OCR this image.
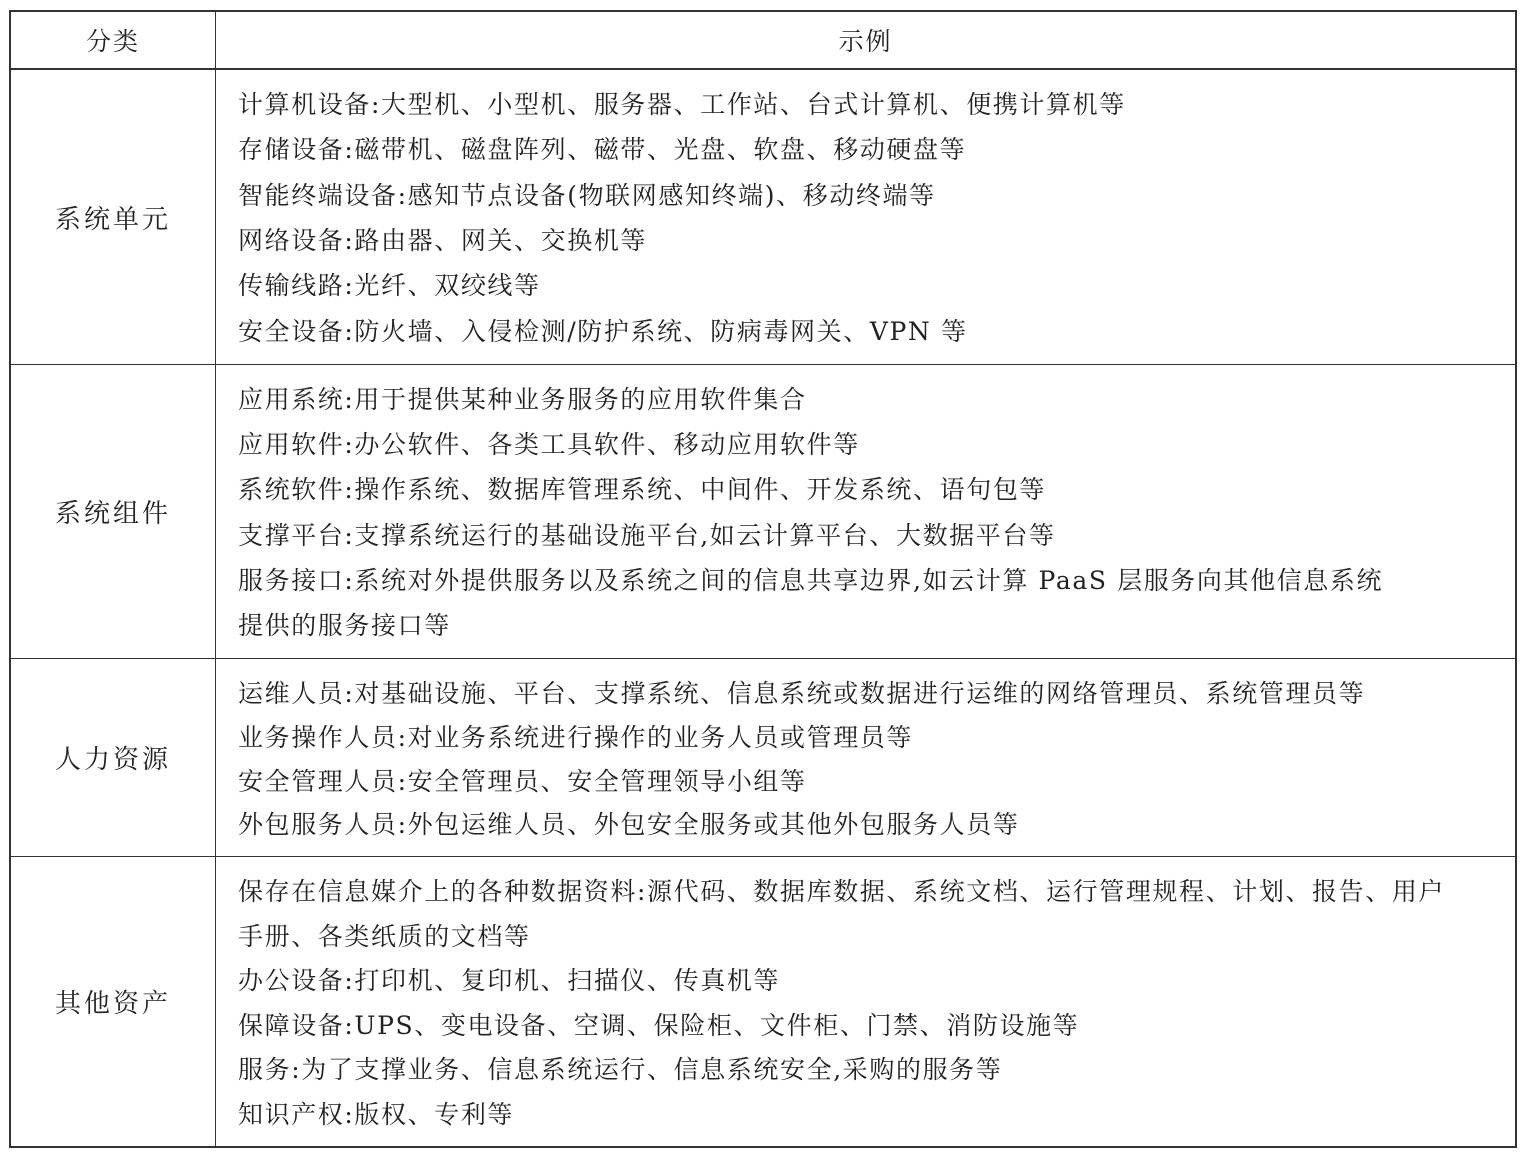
分类	示例
系统单元
计算机设备:大型机、小型机、服务器、工作站、台式计算机、便携计算机等
存储设备:磁带机、磁盘阵列、磁带、光盘、软盘、移动硬盘等
智能终端设备:感知节点设备(物联网感知终端)、移动终端等
网络设备:路由器、网关、交换机等
传输线路:光纤、双绞线等
安全设备:防火墙、入侵检测/防护系统、防病毒网关、VPN 等
系统组件
应用系统:用于提供某种业务服务的应用软件集合
应用软件:办公软件、各类工具软件、移动应用软件等
系统软件:操作系统、数据库管理系统、中间件、开发系统、语句包等
支撑平台:支撑系统运行的基础设施平台,如云计算平台、大数据平台等
服务接口:系统对外提供服务以及系统之间的信息共享边界,如云计算 PaaS 层服务向其他信息系统
提供的服务接口等
人力资源
运维人员:对基础设施、平台、支撑系统、信息系统或数据进行运维的网络管理员、系统管理员等
业务操作人员:对业务系统进行操作的业务人员或管理员等
安全管理人员:安全管理员、安全管理领导小组等
外包服务人员:外包运维人员、外包安全服务或其他外包服务人员等
其他资产
保存在信息媒介上的各种数据资料:源代码、数据库数据、系统文档、运行管理规程、计划、报告、用户
手册、各类纸质的文档等
办公设备:打印机、复印机、扫描仪、传真机等
保障设备:UPS、变电设备、空调、保险柜、文件柜、门禁、消防设施等
服务:为了支撑业务、信息系统运行、信息系统安全,采购的服务等
知识产权:版权、专利等
